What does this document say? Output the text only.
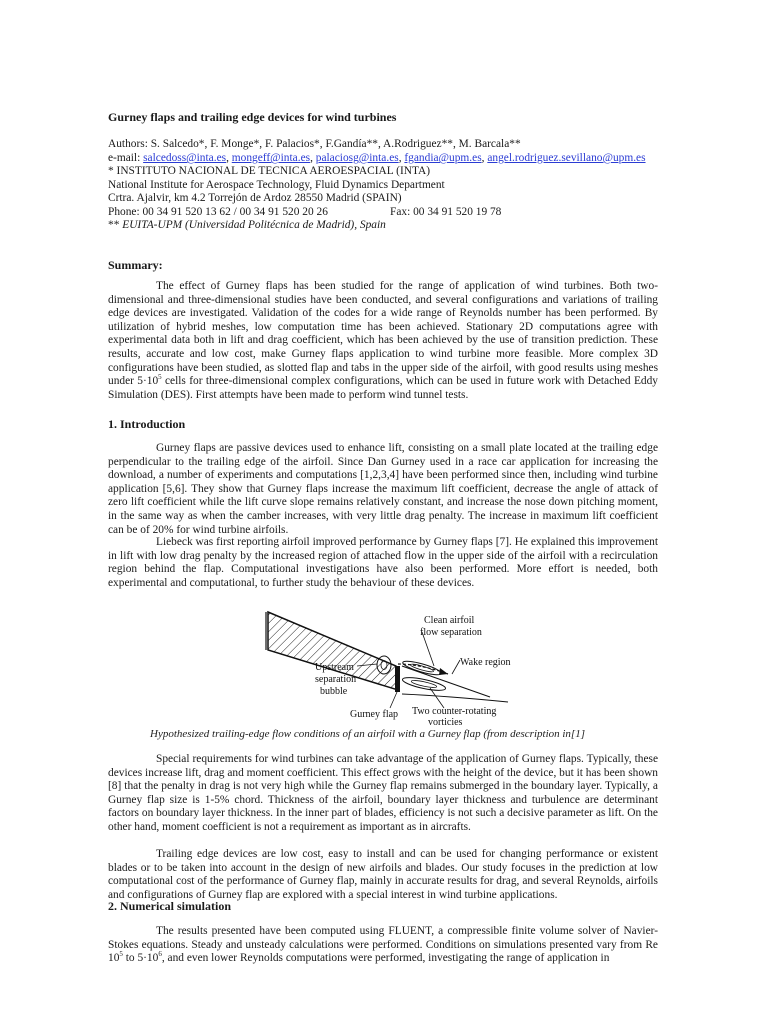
Gurney flaps and trailing edge devices for wind turbines
Authors: S. Salcedo*, F. Monge*, F. Palacios*, F.Gandía**, A.Rodriguez**, M. Barcala**
e-mail: salcedoss@inta.es, mongeff@inta.es, palaciosg@inta.es, fgandia@upm.es, angel.rodriguez.sevillano@upm.es
* INSTITUTO NACIONAL DE TECNICA AEROESPACIAL (INTA)
National Institute for Aerospace Technology, Fluid Dynamics Department
Crtra. Ajalvir, km 4.2 Torrejón de Ardoz 28550 Madrid (SPAIN)
Phone: 00 34 91 520 13 62 / 00 34 91 520 20 26	Fax: 00 34 91 520 19 78
** EUITA-UPM (Universidad Politécnica de Madrid), Spain
Summary:
The effect of Gurney flaps has been studied for the range of application of wind turbines. Both two-dimensional and three-dimensional studies have been conducted, and several configurations and variations of trailing edge devices are investigated. Validation of the codes for a wide range of Reynolds number has been performed. By utilization of hybrid meshes, low computation time has been achieved. Stationary 2D computations agree with experimental data both in lift and drag coefficient, which has been achieved by the use of transition prediction. These results, accurate and low cost, make Gurney flaps application to wind turbine more feasible. More complex 3D configurations have been studied, as slotted flap and tabs in the upper side of the airfoil, with good results using meshes under $5\cdot 10^5$ cells for three-dimensional complex configurations, which can be used in future work with Detached Eddy Simulation (DES). First attempts have been made to perform wind tunnel tests.
1. Introduction
Gurney flaps are passive devices used to enhance lift, consisting on a small plate located at the trailing edge perpendicular to the trailing edge of the airfoil. Since Dan Gurney used in a race car application for increasing the download, a number of experiments and computations [1,2,3,4] have been performed since then, including wind turbine application [5,6]. They show that Gurney flaps increase the maximum lift coefficient, decrease the angle of attack of zero lift coefficient while the lift curve slope remains relatively constant, and increase the nose down pitching moment, in the same way as when the camber increases, with very little drag penalty. The increase in maximum lift coefficient can be of 20% for wind turbine airfoils.
Liebeck was first reporting airfoil improved performance by Gurney flaps [7]. He explained this improvement in lift with low drag penalty by the increased region of attached flow in the upper side of the airfoil with a recirculation region behind the flap. Computational investigations have also been performed. More effort is needed, both experimental and computational, to further study the behaviour of these devices.
Clean airfoil
flow separation
Wake region
Upstream
separation
bubble
Gurney flap Two counter-rotating
vorticies
Hypothesized trailing-edge flow conditions of an airfoil with a Gurney flap (from description in[1]
Special requirements for wind turbines can take advantage of the application of Gurney flaps. Typically, these devices increase lift, drag and moment coefficient. This effect grows with the height of the device, but it has been shown [8] that the penalty in drag is not very high while the Gurney flap remains submerged in the boundary layer. Typically, a Gurney flap size is 1-5% chord. Thickness of the airfoil, boundary layer thickness and turbulence are determinant factors on boundary layer thickness. In the inner part of blades, efficiency is not such a decisive parameter as lift. On the other hand, moment coefficient is not a requirement as important as in aircrafts.
Trailing edge devices are low cost, easy to install and can be used for changing performance or existent blades or to be taken into account in the design of new airfoils and blades. Our study focuses in the prediction at low computational cost of the performance of Gurney flap, mainly in accurate results for drag, and several Reynolds, airfoils and configurations of Gurney flap are explored with a special interest in wind turbine applications.
2. Numerical simulation
The results presented have been computed using FLUENT, a compressible finite volume solver of Navier-Stokes equations. Steady and unsteady calculations were performed. Conditions on simulations presented vary from Re $10^5$ to $5\cdot 10^6$, and even lower Reynolds computations were performed, investigating the range of application in
